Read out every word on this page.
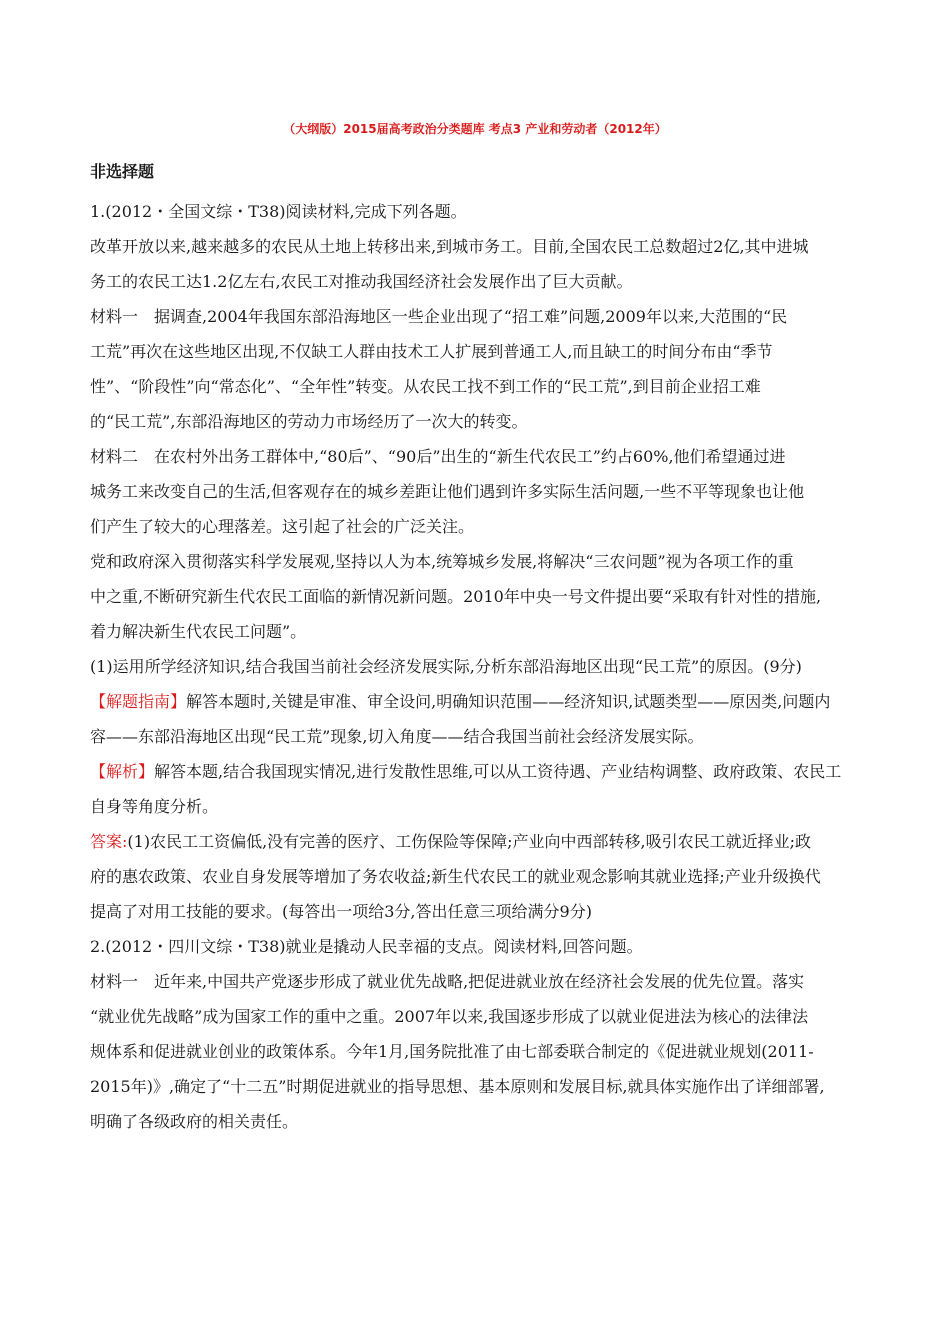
（大纲版）2015届高考政治分类题库 考点3 产业和劳动者（2012年）
非选择题
1.(2012・全国文综・T38)阅读材料,完成下列各题。
改革开放以来,越来越多的农民从土地上转移出来,到城市务工。目前,全国农民工总数超过2亿,其中进城
务工的农民工达1.2亿左右,农民工对推动我国经济社会发展作出了巨大贡献。
材料一　据调查,2004年我国东部沿海地区一些企业出现了“招工难”问题,2009年以来,大范围的“民
工荒”再次在这些地区出现,不仅缺工人群由技术工人扩展到普通工人,而且缺工的时间分布由“季节
性”、“阶段性”向“常态化”、“全年性”转变。从农民工找不到工作的“民工荒”,到目前企业招工难
的“民工荒”,东部沿海地区的劳动力市场经历了一次大的转变。
材料二　在农村外出务工群体中,“80后”、“90后”出生的“新生代农民工”约占60%,他们希望通过进
城务工来改变自己的生活,但客观存在的城乡差距让他们遇到许多实际生活问题,一些不平等现象也让他
们产生了较大的心理落差。这引起了社会的广泛关注。
党和政府深入贯彻落实科学发展观,坚持以人为本,统筹城乡发展,将解决“三农问题”视为各项工作的重
中之重,不断研究新生代农民工面临的新情况新问题。2010年中央一号文件提出要“采取有针对性的措施,
着力解决新生代农民工问题”。
(1)运用所学经济知识,结合我国当前社会经济发展实际,分析东部沿海地区出现“民工荒”的原因。(9分)
【解题指南】解答本题时,关键是审准、审全设问,明确知识范围——经济知识,试题类型——原因类,问题内
容——东部沿海地区出现“民工荒”现象,切入角度——结合我国当前社会经济发展实际。
【解析】解答本题,结合我国现实情况,进行发散性思维,可以从工资待遇、产业结构调整、政府政策、农民工
自身等角度分析。
答案:(1)农民工工资偏低,没有完善的医疗、工伤保险等保障;产业向中西部转移,吸引农民工就近择业;政
府的惠农政策、农业自身发展等增加了务农收益;新生代农民工的就业观念影响其就业选择;产业升级换代
提高了对用工技能的要求。(每答出一项给3分,答出任意三项给满分9分)
2.(2012・四川文综・T38)就业是撬动人民幸福的支点。阅读材料,回答问题。
材料一　近年来,中国共产党逐步形成了就业优先战略,把促进就业放在经济社会发展的优先位置。落实
“就业优先战略”成为国家工作的重中之重。2007年以来,我国逐步形成了以就业促进法为核心的法律法
规体系和促进就业创业的政策体系。今年1月,国务院批准了由七部委联合制定的《促进就业规划(2011-
2015年)》,确定了“十二五”时期促进就业的指导思想、基本原则和发展目标,就具体实施作出了详细部署,
明确了各级政府的相关责任。
